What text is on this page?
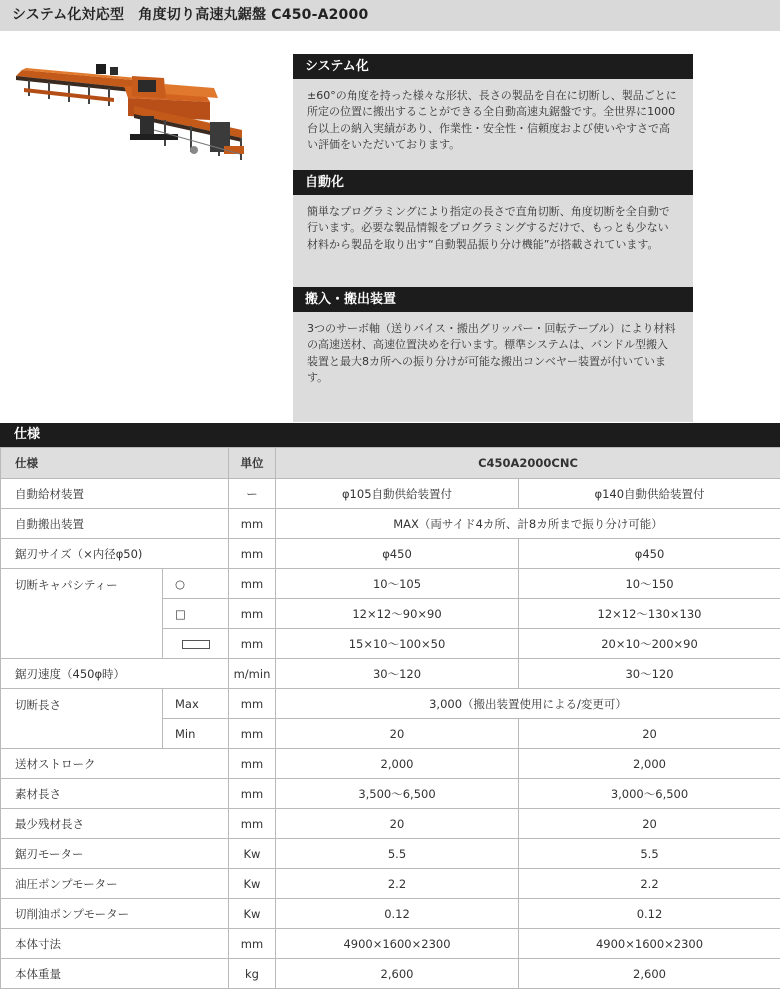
システム化対応型　角度切り高速丸鋸盤 C450-A2000
システム化
±60°の角度を持った様々な形状、長さの製品を自在に切断し、製品ごとに所定の位置に搬出することができる全自動高速丸鋸盤です。全世界に1000台以上の納入実績があり、作業性・安全性・信頼度および使いやすさで高い評価をいただいております。
自動化
簡単なプログラミングにより指定の長さで直角切断、角度切断を全自動で行います。必要な製品情報をプログラミングするだけで、もっとも少ない材料から製品を取り出す“自動製品振り分け機能”が搭載されています。
搬入・搬出装置
3つのサーボ軸（送りバイス・搬出グリッパー・回転テーブル）により材料の高速送材、高速位置決めを行います。標準システムは、バンドル型搬入装置と最大8カ所への振り分けが可能な搬出コンベヤー装置が付いています。
仕様
仕様		単位	C450A2000CNC	
自動給材装置		ー	φ105自動供給装置付	φ140自動供給装置付
自動搬出装置		mm	MAX（両サイド4カ所、計8カ所まで振り分け可能）	
鋸刃サイズ（×内径φ50)		mm	φ450	φ450
切断キャパシティー	○	mm	10〜105	10〜150
	□	mm	12×12〜90×90	12×12〜130×130
		mm	15×10〜100×50	20×10〜200×90
鋸刃速度（450φ時）		m/min	30〜120	30〜120
切断長さ	Max	mm	3,000（搬出装置使用による/変更可）	
	Min	mm	20	20
送材ストローク		mm	2,000	2,000
素材長さ		mm	3,500〜6,500	3,000〜6,500
最少残材長さ		mm	20	20
鋸刃モーター		Kw	5.5	5.5
油圧ポンプモーター		Kw	2.2	2.2
切削油ポンプモーター		Kw	0.12	0.12
本体寸法		mm	4900×1600×2300	4900×1600×2300
本体重量		kg	2,600	2,600
